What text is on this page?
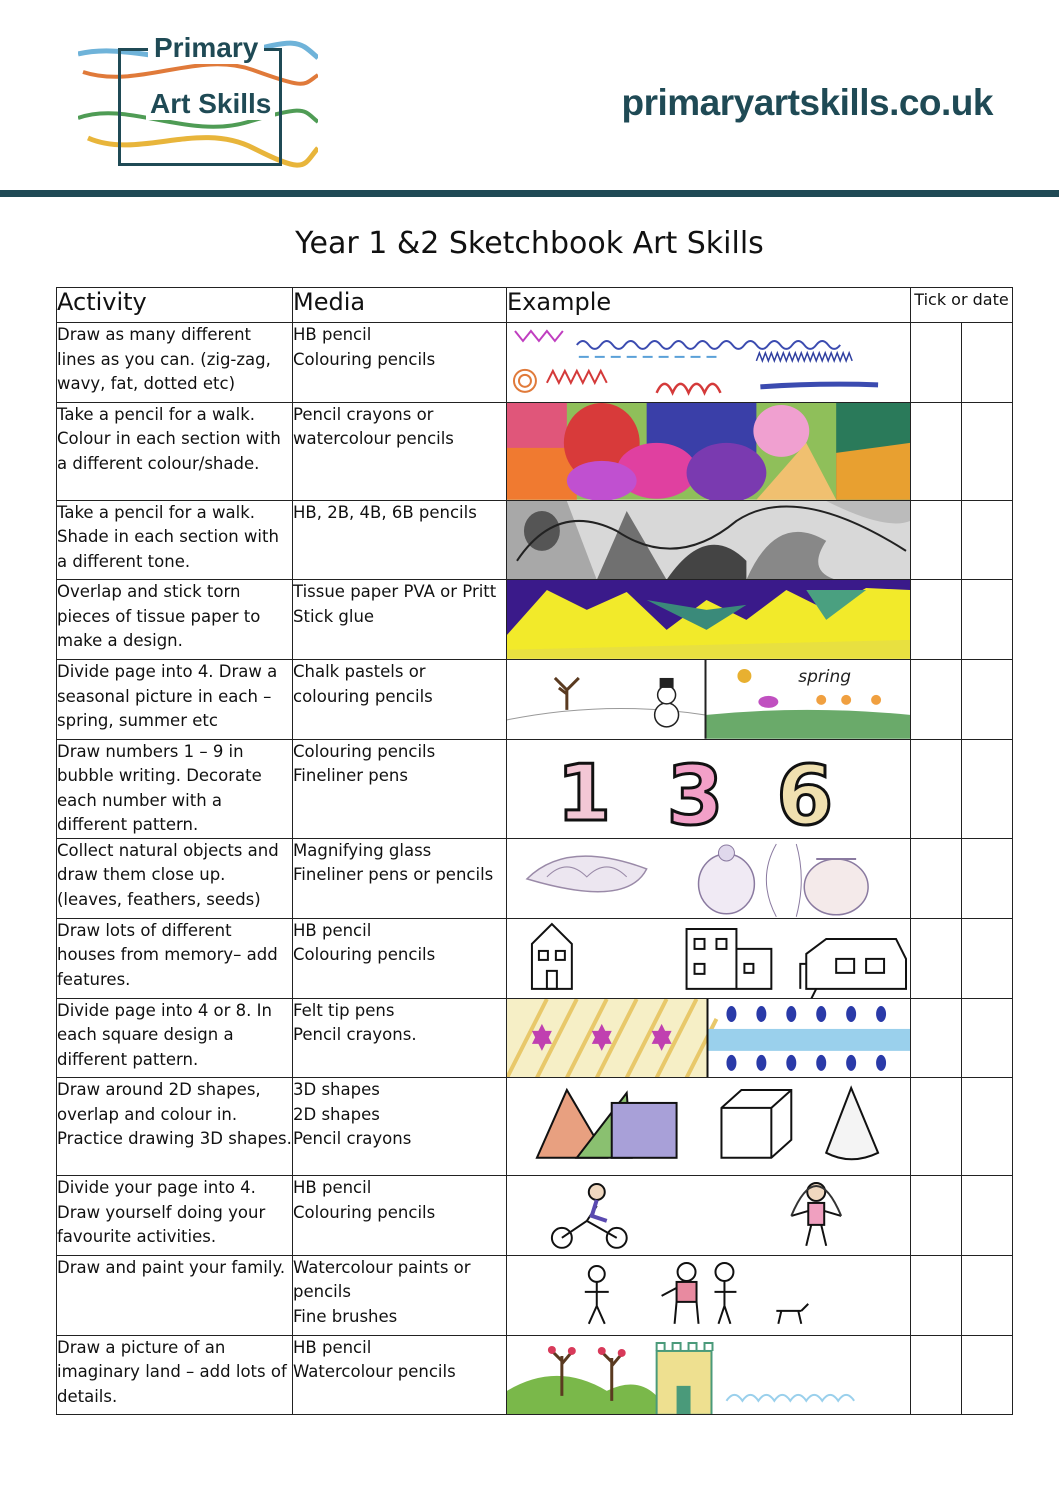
Primary
Art Skills	primaryartskills.co.uk
Year 1 &2 Sketchbook Art Skills
Activity	Media	Example	Tick or date	
Draw as many different lines as you can. (zig-zag, wavy, fat, dotted etc)	HB pencil
Colouring pencils	

Take a pencil for a walk. Colour in each section with a different colour/shade.	Pencil crayons or watercolour pencils	

Take a pencil for a walk. Shade in each section with a different tone.	HB, 2B, 4B, 6B pencils	

Overlap and stick torn pieces of tissue paper to make a design.	Tissue paper PVA or Pritt Stick glue	

Divide page into 4. Draw a seasonal picture in each – spring, summer etc	Chalk pastels or colouring pencils	spring		

Draw numbers 1 – 9 in bubble writing. Decorate each number with a different pattern.	Colouring pencils
Fineliner pens	1 3 6		

Collect natural objects and draw them close up. (leaves, feathers, seeds)	Magnifying glass
Fineliner pens or pencils	

Draw lots of different houses from memory– add features.	HB pencil
Colouring pencils	

Divide page into 4 or 8. In each square design a different pattern.	Felt tip pens
Pencil crayons.	

Draw around 2D shapes, overlap and colour in. Practice drawing 3D shapes.	3D shapes
2D shapes
Pencil crayons	

Divide your page into 4. Draw yourself doing your favourite activities.	HB pencil
Colouring pencils	

Draw and paint your family.	Watercolour paints or pencils
Fine brushes	

Draw a picture of an imaginary land – add lots of details.	HB pencil
Watercolour pencils	
